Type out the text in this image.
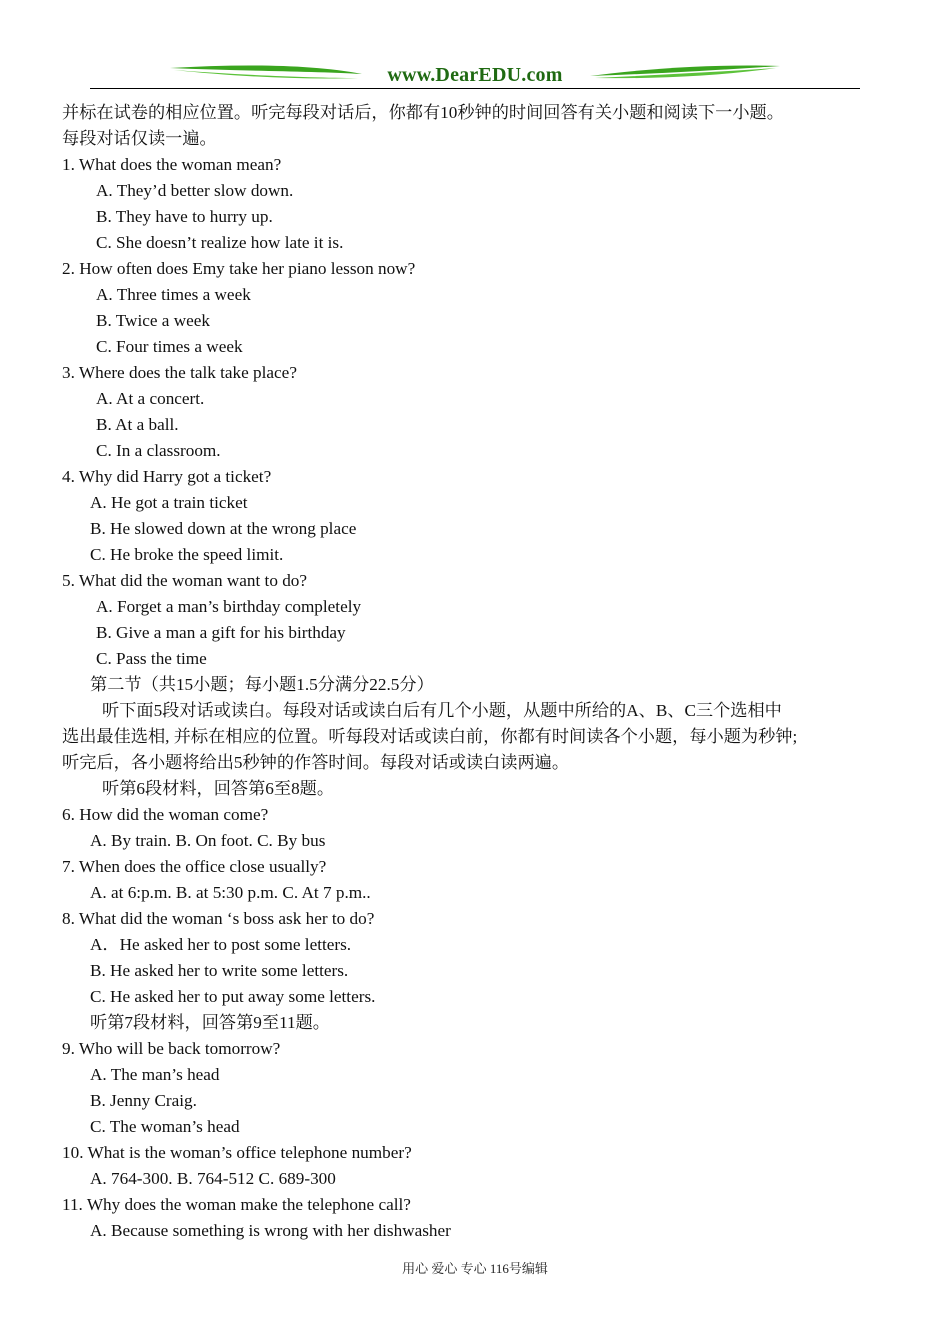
www.DearEDU.com
并标在试卷的相应位置。听完每段对话后，你都有10秒钟的时间回答有关小题和阅读下一小题。
每段对话仅读一遍。
1. What does the woman mean?
A. They’d better slow down.
B. They have to hurry up.
C. She doesn’t realize how late it is.
2. How often does Emy take her piano lesson now?
A. Three times a week
B. Twice a week
C. Four times a week
3. Where does the talk take place?
A. At a concert.
B. At a ball.
C. In a classroom.
4. Why did Harry got a ticket?
A. He got a train ticket
B. He slowed down at the wrong place
C. He broke the speed limit.
5. What did the woman want to do?
A. Forget a man’s birthday completely
B. Give a man a gift for his birthday
C. Pass the time
第二节（共15小题；每小题1.5分满分22.5分）
听下面5段对话或读白。每段对话或读白后有几个小题，从题中所给的A、B、C三个选相中
选出最佳选相, 并标在相应的位置。听每段对话或读白前，你都有时间读各个小题，每小题为秒钟;
听完后，各小题将给出5秒钟的作答时间。每段对话或读白读两遍。
听第6段材料，回答第6至8题。
6. How did the woman come?
A. By train. B. On foot. C. By bus
7. When does the office close usually?
A. at 6:p.m. B. at 5:30 p.m. C. At 7 p.m..
8. What did the woman ‘s boss ask her to do?
A．He asked her to post some letters.
B. He asked her to write some letters.
C. He asked her to put away some letters.
听第7段材料，回答第9至11题。
9. Who will be back tomorrow?
A. The man’s head
B. Jenny Craig.
C. The woman’s head
10. What is the woman’s office telephone number?
A. 764-300. B. 764-512 C. 689-300
11. Why does the woman make the telephone call?
A. Because something is wrong with her dishwasher
用心 爱心 专心 116号编辑
